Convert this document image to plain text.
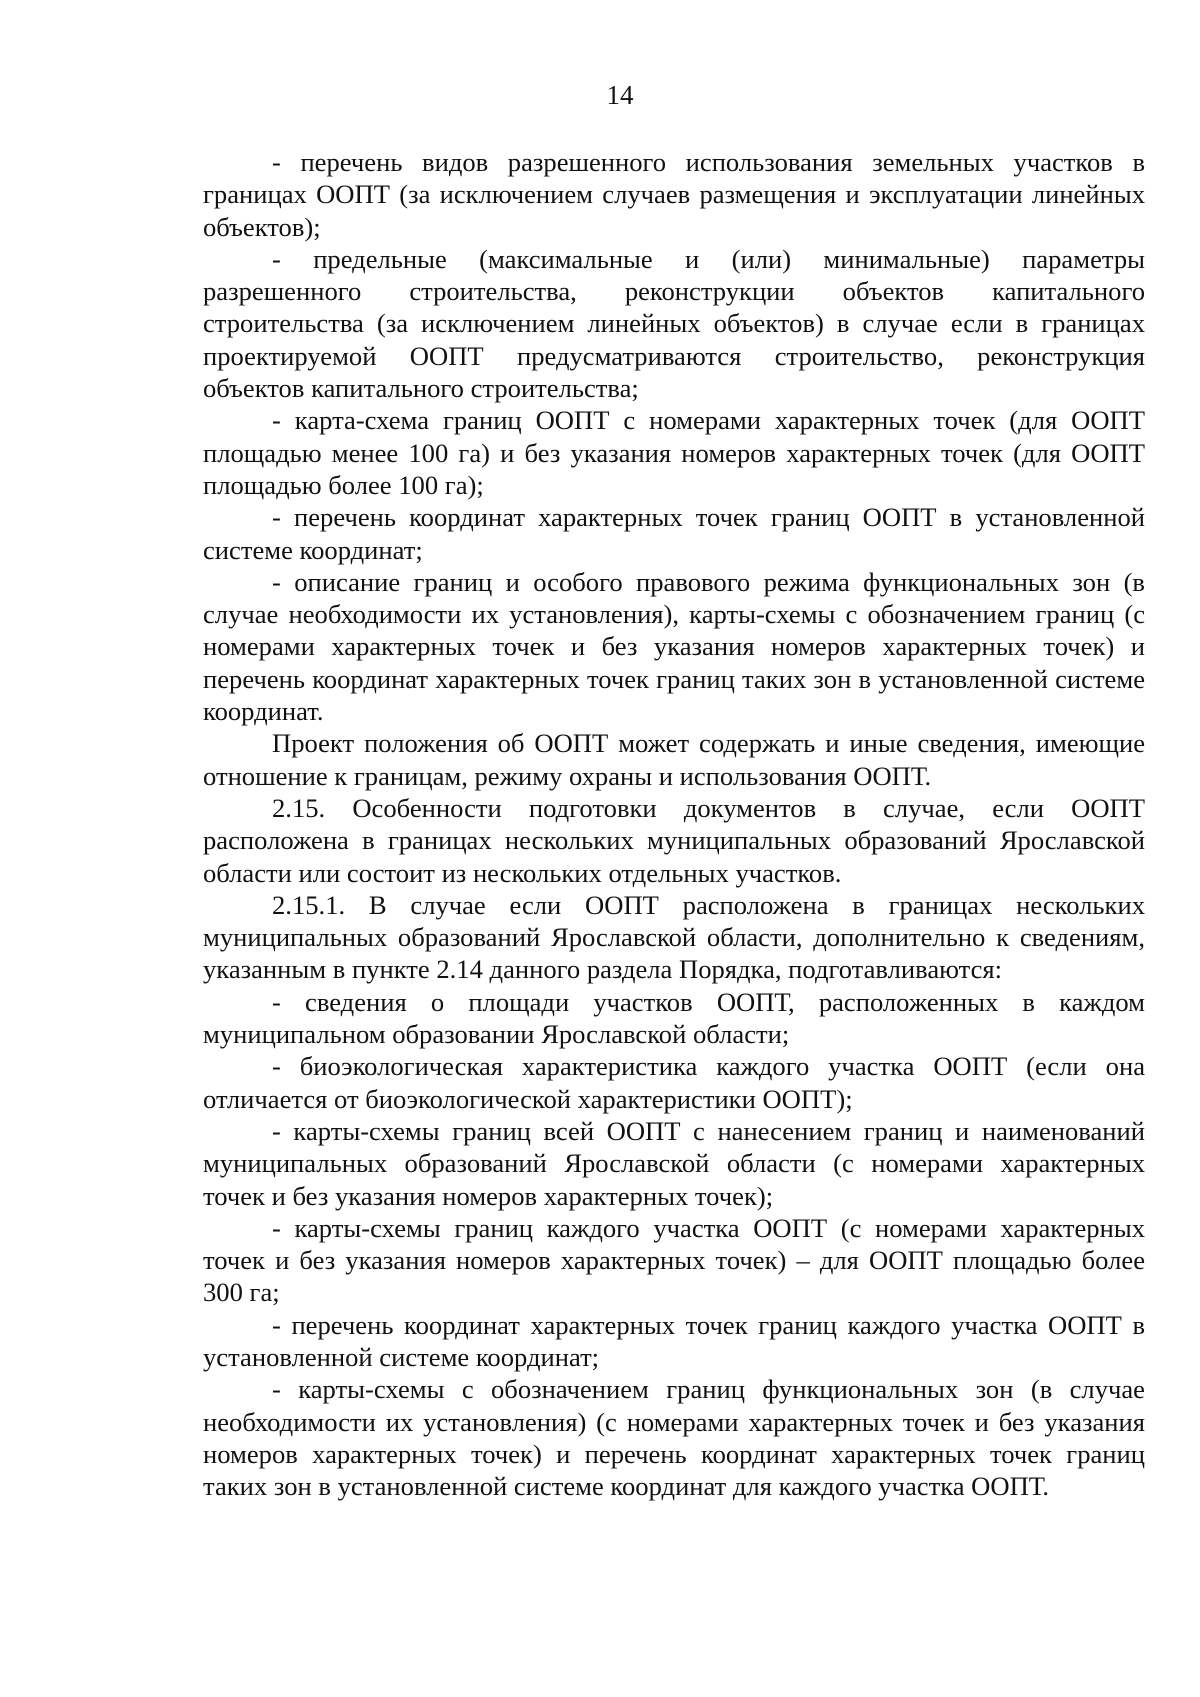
14

- перечень видов разрешенного использования земельных участков в границах ООПТ (за исключением случаев размещения и эксплуатации линейных объектов);

- предельные (максимальные и (или) минимальные) параметры разрешенного строительства, реконструкции объектов капитального строительства (за исключением линейных объектов) в случае если в границах проектируемой ООПТ предусматриваются строительство, реконструкция объектов капитального строительства;

- карта-схема границ ООПТ с номерами характерных точек (для ООПТ площадью менее 100 га) и без указания номеров характерных точек (для ООПТ площадью более 100 га);

- перечень координат характерных точек границ ООПТ в установленной системе координат;

- описание границ и особого правового режима функциональных зон (в случае необходимости их установления), карты-схемы с обозначением границ (с номерами характерных точек и без указания номеров характерных точек) и перечень координат характерных точек границ таких зон в установленной системе координат.

Проект положения об ООПТ может содержать и иные сведения, имеющие отношение к границам, режиму охраны и использования ООПТ.

2.15. Особенности подготовки документов в случае, если ООПТ расположена в границах нескольких муниципальных образований Ярославской области или состоит из нескольких отдельных участков.

2.15.1. В случае если ООПТ расположена в границах нескольких муниципальных образований Ярославской области, дополнительно к сведениям, указанным в пункте 2.14 данного раздела Порядка, подготавливаются:

- сведения о площади участков ООПТ, расположенных в каждом муниципальном образовании Ярославской области;

- биоэкологическая характеристика каждого участка ООПТ (если она отличается от биоэкологической характеристики ООПТ);

- карты-схемы границ всей ООПТ с нанесением границ и наименований муниципальных образований Ярославской области (с номерами характерных точек и без указания номеров характерных точек);

- карты-схемы границ каждого участка ООПТ (с номерами характерных точек и без указания номеров характерных точек) – для ООПТ площадью более 300 га;

- перечень координат характерных точек границ каждого участка ООПТ в установленной системе координат;

- карты-схемы с обозначением границ функциональных зон (в случае необходимости их установления) (с номерами характерных точек и без указания номеров характерных точек) и перечень координат характерных точек границ таких зон в установленной системе координат для каждого участка ООПТ.
